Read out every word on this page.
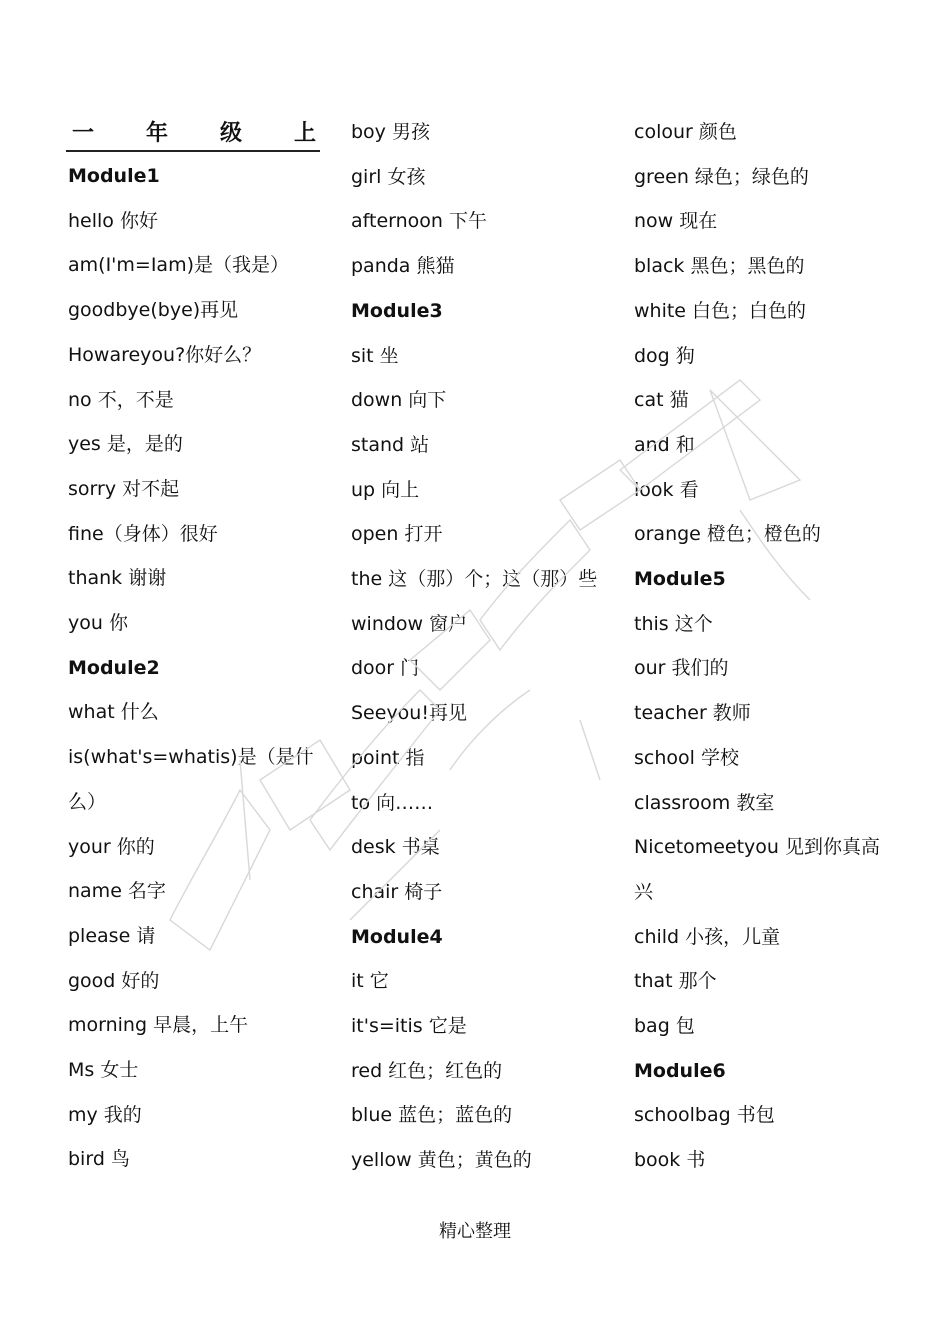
一 年 级 上
Module1
hello 你好
am(I'm=Iam)是（我是）
goodbye(bye)再见
Howareyou?你好么？
no 不，不是
yes 是，是的
sorry 对不起
fine（身体）很好
thank 谢谢
you 你
Module2
what 什么
is(what's=whatis)是（是什
么）
your 你的
name 名字
please 请
good 好的
morning 早晨，上午
Ms 女士
my 我的
bird 鸟
boy 男孩
girl 女孩
afternoon 下午
panda 熊猫
Module3
sit 坐
down 向下
stand 站
up 向上
open 打开
the 这（那）个；这（那）些
window 窗户
door 门
Seeyou!再见
point 指
to 向……
desk 书桌
chair 椅子
Module4
it 它
it's=itis 它是
red 红色；红色的
blue 蓝色；蓝色的
yellow 黄色；黄色的
colour 颜色
green 绿色；绿色的
now 现在
black 黑色；黑色的
white 白色；白色的
dog 狗
cat 猫
and 和
look 看
orange 橙色；橙色的
Module5
this 这个
our 我们的
teacher 教师
school 学校
classroom 教室
Nicetomeetyou 见到你真高
兴
child 小孩，儿童
that 那个
bag 包
Module6
schoolbag 书包
book 书
精心整理
